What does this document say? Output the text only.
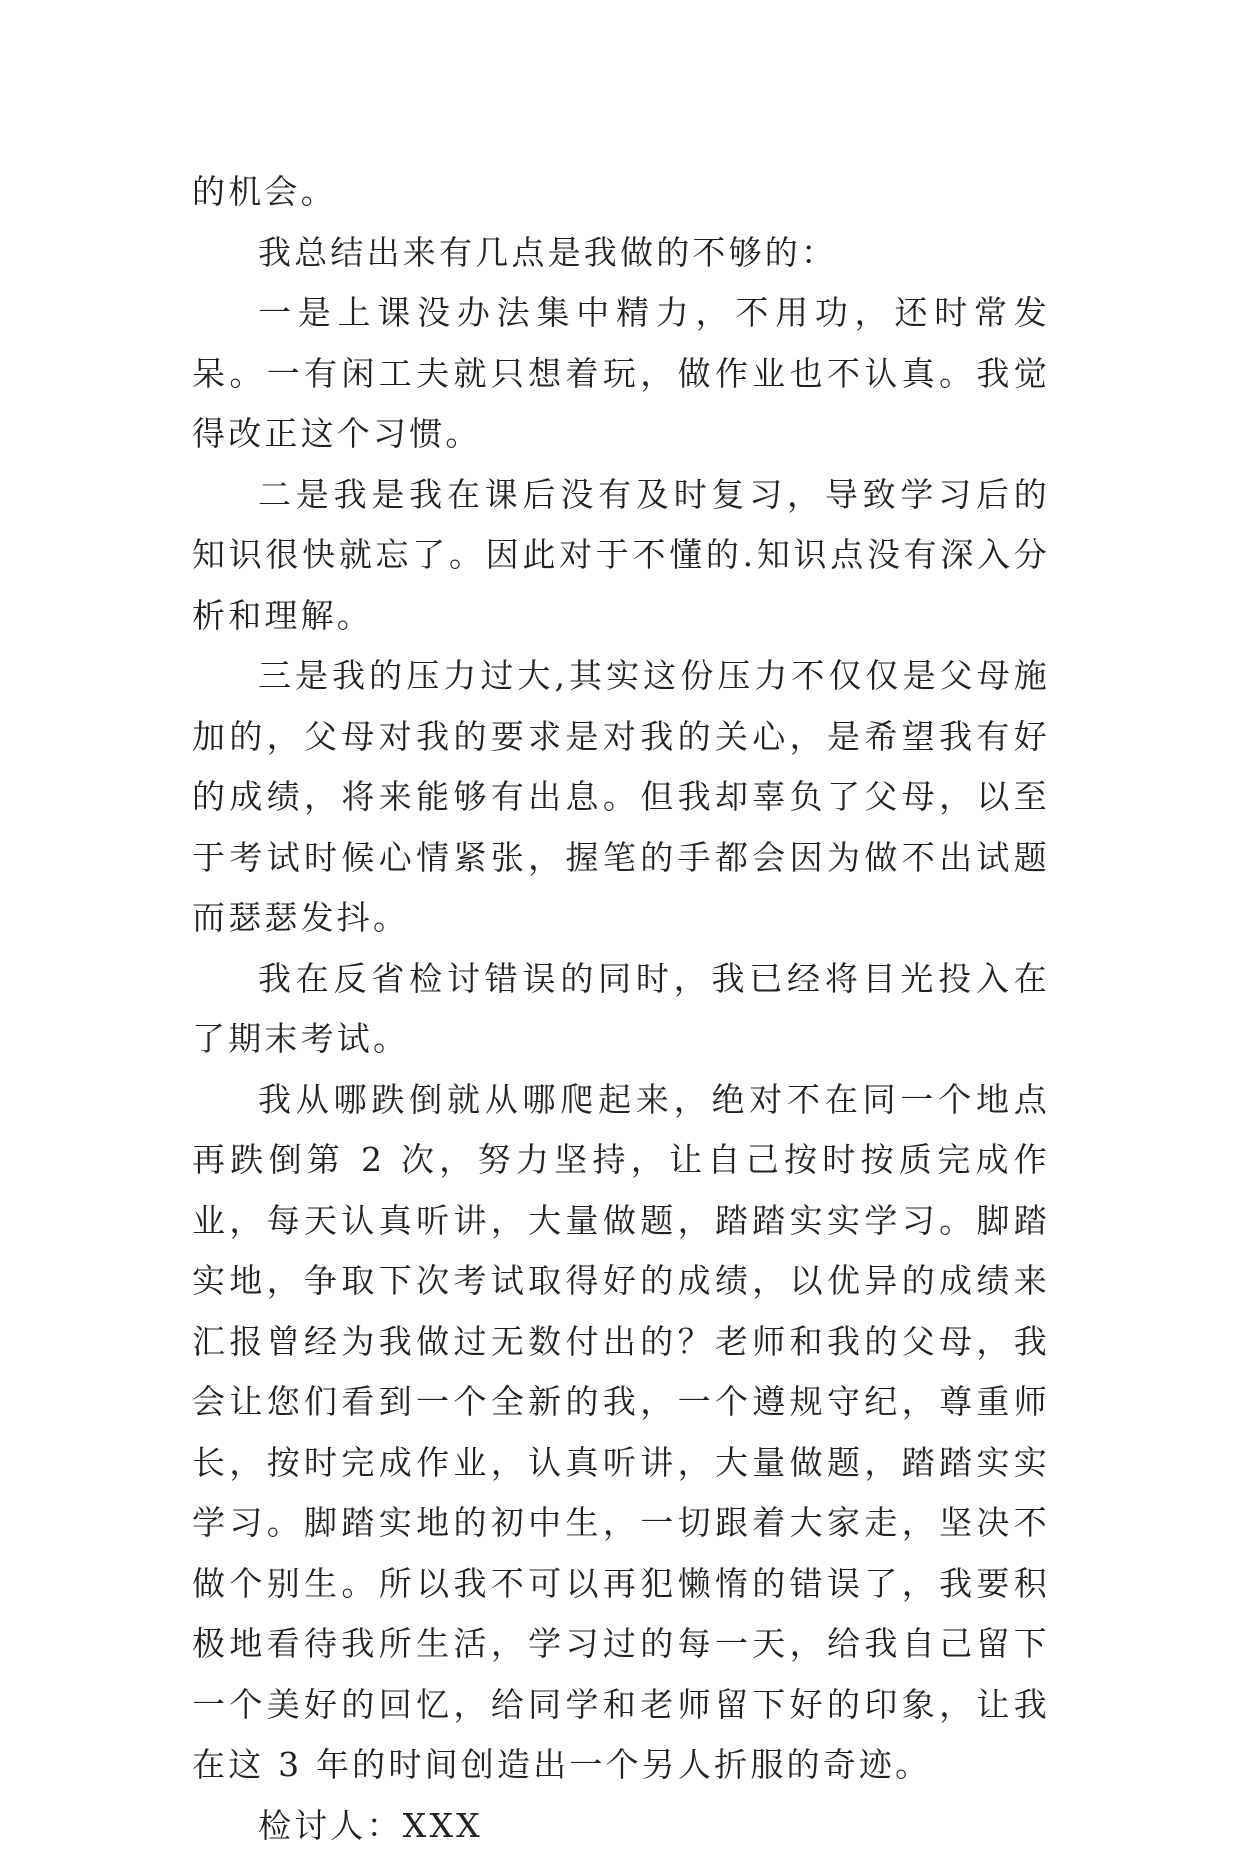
的机会。

我总结出来有几点是我做的不够的：

一是上课没办法集中精力，不用功，还时常发呆。一有闲工夫就只想着玩，做作业也不认真。我觉得改正这个习惯。

二是我是我在课后没有及时复习，导致学习后的知识很快就忘了。因此对于不懂的.知识点没有深入分析和理解。

三是我的压力过大,其实这份压力不仅仅是父母施加的，父母对我的要求是对我的关心，是希望我有好的成绩，将来能够有出息。但我却辜负了父母，以至于考试时候心情紧张，握笔的手都会因为做不出试题而瑟瑟发抖。

我在反省检讨错误的同时，我已经将目光投入在了期末考试。

我从哪跌倒就从哪爬起来，绝对不在同一个地点再跌倒第 2 次，努力坚持，让自己按时按质完成作业，每天认真听讲，大量做题，踏踏实实学习。脚踏实地，争取下次考试取得好的成绩，以优异的成绩来汇报曾经为我做过无数付出的？老师和我的父母，我会让您们看到一个全新的我，一个遵规守纪，尊重师长，按时完成作业，认真听讲，大量做题，踏踏实实学习。脚踏实地的初中生，一切跟着大家走，坚决不做个别生。所以我不可以再犯懒惰的错误了，我要积极地看待我所生活，学习过的每一天，给我自己留下一个美好的回忆，给同学和老师留下好的印象，让我在这 3 年的时间创造出一个另人折服的奇迹。

检讨人：XXX
